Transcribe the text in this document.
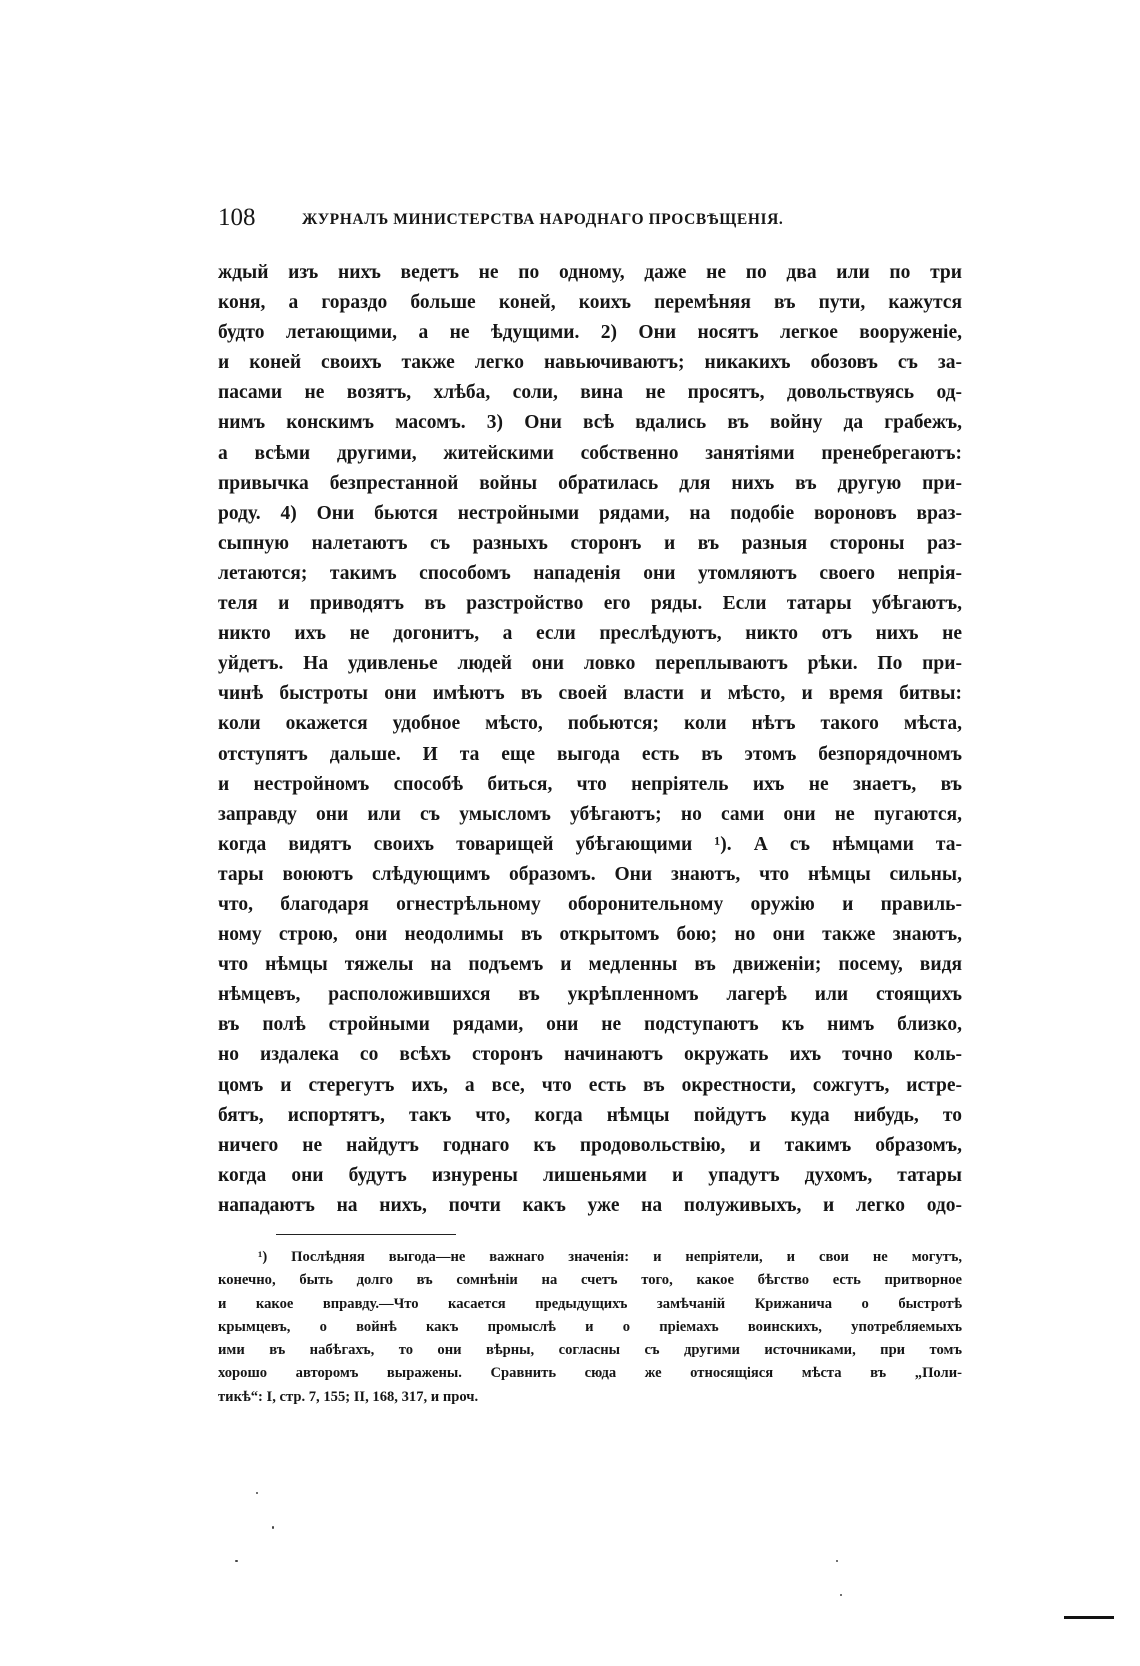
108	ЖУРНАЛЪ МИНИСТЕРСТВА НАРОДНАГО ПРОСВѢЩЕНІЯ.
ждый изъ нихъ ведетъ не по одному, даже не по два или по три
коня, а гораздо больше коней, коихъ перемѣняя въ пути, кажутся
будто летающими, а не ѣдущими. 2) Они носятъ легкое вооруженіе,
и коней своихъ также легко навьючиваютъ; никакихъ обозовъ съ за-
пасами не возятъ, хлѣба, соли, вина не просятъ, довольствуясь од-
нимъ конскимъ масомъ. 3) Они всѣ вдались въ войну да грабежъ,
а всѣми другими, житейскими собственно занятіями пренебрегаютъ:
привычка безпрестанной войны обратилась для нихъ въ другую при-
роду. 4) Они бьются нестройными рядами, на подобіе вороновъ враз-
сыпную налетаютъ съ разныхъ сторонъ и въ разныя стороны раз-
летаются; такимъ способомъ нападенія они утомляютъ своего непрія-
теля и приводятъ въ разстройство его ряды. Если татары убѣгаютъ,
никто ихъ не догонитъ, а если преслѣдуютъ, никто отъ нихъ не
уйдетъ. На удивленье людей они ловко переплываютъ рѣки. По при-
чинѣ быстроты они имѣютъ въ своей власти и мѣсто, и время битвы:
коли окажется удобное мѣсто, побьются; коли нѣтъ такого мѣста,
отступятъ дальше. И та еще выгода есть въ этомъ безпорядочномъ
и нестройномъ способѣ биться, что непріятель ихъ не знаетъ, въ
заправду они или съ умысломъ убѣгаютъ; но сами они не пугаются,
когда видятъ своихъ товарищей убѣгающими ¹). А съ нѣмцами та-
тары воюютъ слѣдующимъ образомъ. Они знаютъ, что нѣмцы сильны,
что, благодаря огнестрѣльному оборонительному оружію и правиль-
ному строю, они неодолимы въ открытомъ бою; но они также знаютъ,
что нѣмцы тяжелы на подъемъ и медленны въ движеніи; посему, видя
нѣмцевъ, расположившихся въ укрѣпленномъ лагерѣ или стоящихъ
въ полѣ стройными рядами, они не подступаютъ къ нимъ близко,
но издалека со всѣхъ сторонъ начинаютъ окружать ихъ точно коль-
цомъ и стерегутъ ихъ, а все, что есть въ окрестности, сожгутъ, истре-
бятъ, испортятъ, такъ что, когда нѣмцы пойдутъ куда нибудь, то
ничего не найдутъ годнаго къ продовольствію, и такимъ образомъ,
когда они будутъ изнурены лишеньями и упадутъ духомъ, татары
нападаютъ на нихъ, почти какъ уже на полуживыхъ, и легко одо-
¹) Послѣдняя выгода—не важнаго значенія: и непріятели, и свои не могутъ,
конечно, быть долго въ сомнѣніи на счетъ того, какое бѣгство есть притворное
и какое вправду.—Что касается предыдущихъ замѣчаній Крижанича о быстротѣ
крымцевъ, о войнѣ какъ промыслѣ и о пріемахъ воинскихъ, употребляемыхъ
ими въ набѣгахъ, то они вѣрны, согласны съ другими источниками, при томъ
хорошо авторомъ выражены. Сравнить сюда же относящіяся мѣста въ „Поли-
тикѣ“: I, стр. 7, 155; II, 168, 317, и проч.
